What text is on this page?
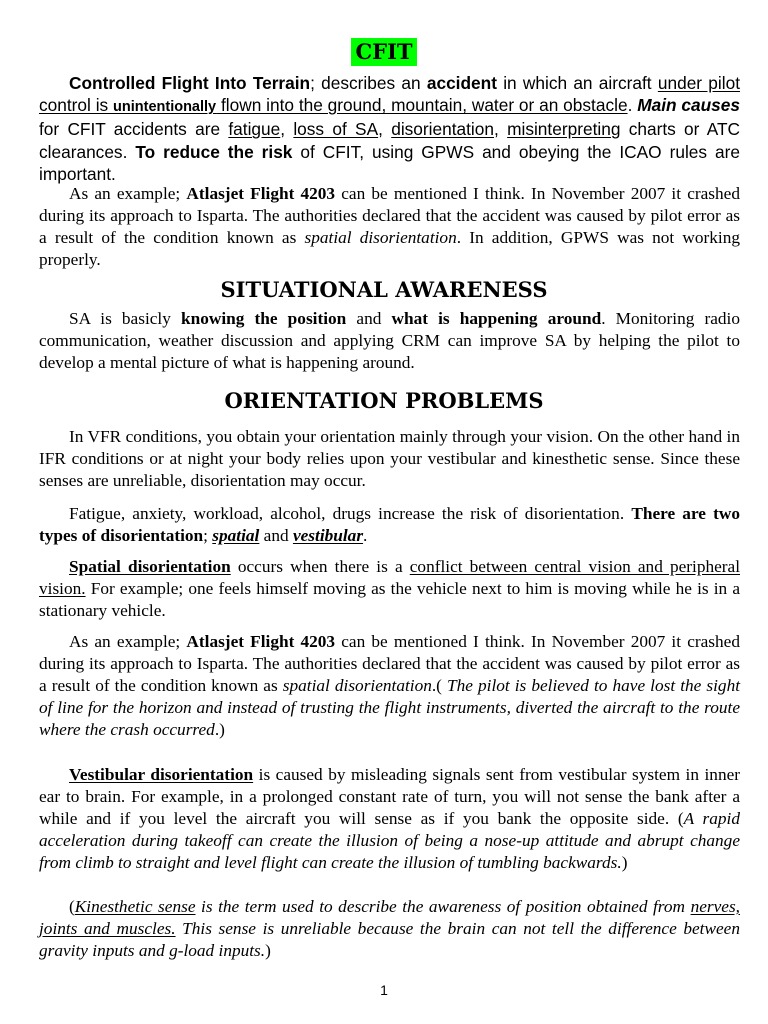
CFIT

Controlled Flight Into Terrain; describes an accident in which an aircraft under pilot control is unintentionally flown into the ground, mountain, water or an obstacle. Main causes for CFIT accidents are fatigue, loss of SA, disorientation, misinterpreting charts or ATC clearances. To reduce the risk of CFIT, using GPWS and obeying the ICAO rules are important.

As an example; Atlasjet Flight 4203 can be mentioned I think. In November 2007 it crashed during its approach to Isparta. The authorities declared that the accident was caused by pilot error as a result of the condition known as spatial disorientation. In addition, GPWS was not working properly.

SITUATIONAL AWARENESS

SA is basicly knowing the position and what is happening around. Monitoring radio communication, weather discussion and applying CRM can improve SA by helping the pilot to develop a mental picture of what is happening around.

ORIENTATION PROBLEMS

In VFR conditions, you obtain your orientation mainly through your vision. On the other hand in IFR conditions or at night your body relies upon your vestibular and kinesthetic sense. Since these senses are unreliable, disorientation may occur.

Fatigue, anxiety, workload, alcohol, drugs increase the risk of disorientation. There are two types of disorientation; spatial and vestibular.

Spatial disorientation occurs when there is a conflict between central vision and peripheral vision. For example; one feels himself moving as the vehicle next to him is moving while he is in a stationary vehicle.

As an example; Atlasjet Flight 4203 can be mentioned I think. In November 2007 it crashed during its approach to Isparta. The authorities declared that the accident was caused by pilot error as a result of the condition known as spatial disorientation.( The pilot is believed to have lost the sight of line for the horizon and instead of trusting the flight instruments, diverted the aircraft to the route where the crash occurred.)

Vestibular disorientation is caused by misleading signals sent from vestibular system in inner ear to brain. For example, in a prolonged constant rate of turn, you will not sense the bank after a while and if you level the aircraft you will sense as if you bank the opposite side. (A rapid acceleration during takeoff can create the illusion of being a nose-up attitude and abrupt change from climb to straight and level flight can create the illusion of tumbling backwards.)

(Kinesthetic sense is the term used to describe the awareness of position obtained from nerves, joints and muscles. This sense is unreliable because the brain can not tell the difference between gravity inputs and g-load inputs.)

1
